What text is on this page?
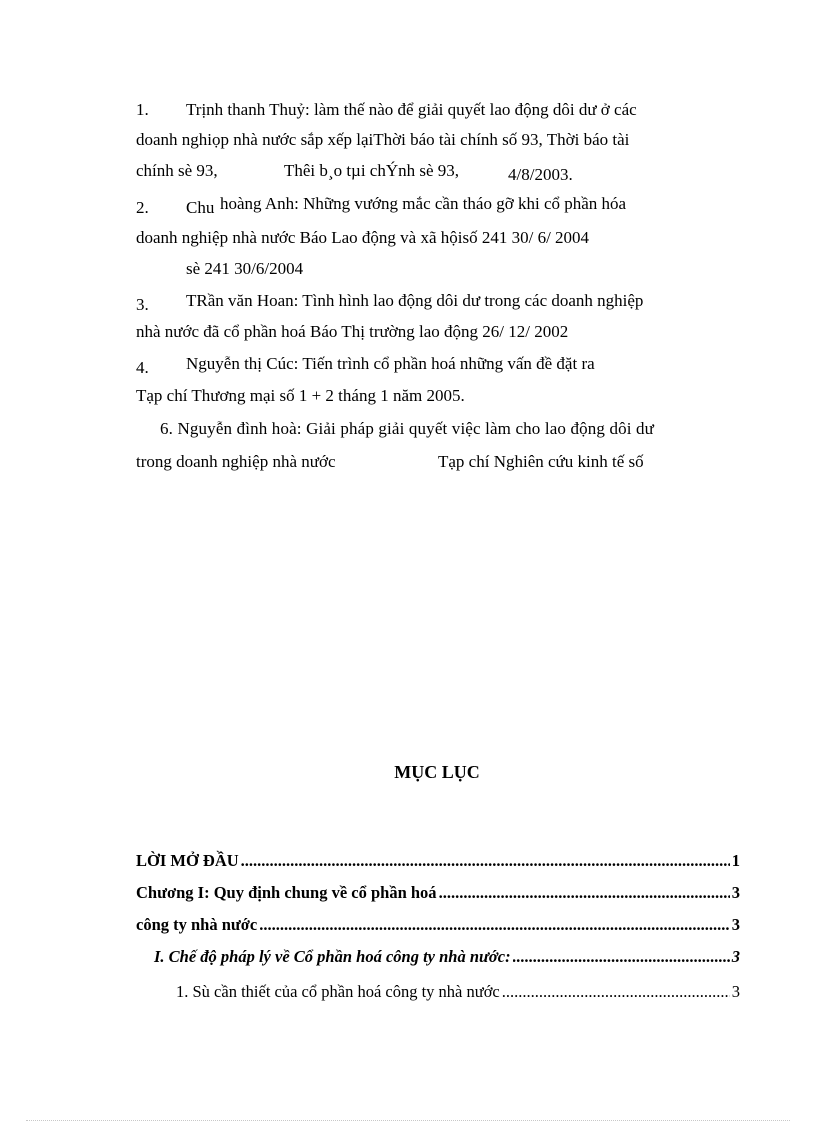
1. Trịnh thanh Thuỷ: làm thế nào để giải quyết lao động dôi dư ở các
doanh nghiọp nhà nước sắp xếp lạiThời báo tài chính số 93, Thời báo tài
chính sè 93,	Thêi b¸o tµi chÝnh sè 93,	4/8/2003.
2. Chu hoàng Anh: Những vướng mắc cần tháo gỡ khi cổ phần hóa
doanh nghiệp nhà nước Báo Lao động và xã hộisố 241 30/ 6/ 2004
sè 241 30/6/2004
3. TRần văn Hoan: Tình hình lao động dôi dư trong các doanh nghiệp
nhà nước đã cổ phần hoá Báo Thị trường lao động 26/ 12/ 2002
4. Nguyễn thị Cúc: Tiến trình cổ phần hoá những vấn đề đặt ra
Tạp chí Thương mại số 1 + 2 tháng 1 năm 2005.
6. Nguyễn đình hoà: Giải pháp giải quyết việc làm cho lao động dôi dư
trong doanh nghiệp nhà nước	Tạp chí Nghiên cứu kinh tế số
MỤC LỤC
LỜI MỞ ĐẦU .....	1
Chương I: Quy định chung về cổ phần hoá .....	3
công ty nhà nước .....	3
I. Chế độ pháp lý về Cổ phần hoá công ty nhà nước: .....	3
1. Sù cần thiết của cổ phần hoá công ty nhà nước .....	3
